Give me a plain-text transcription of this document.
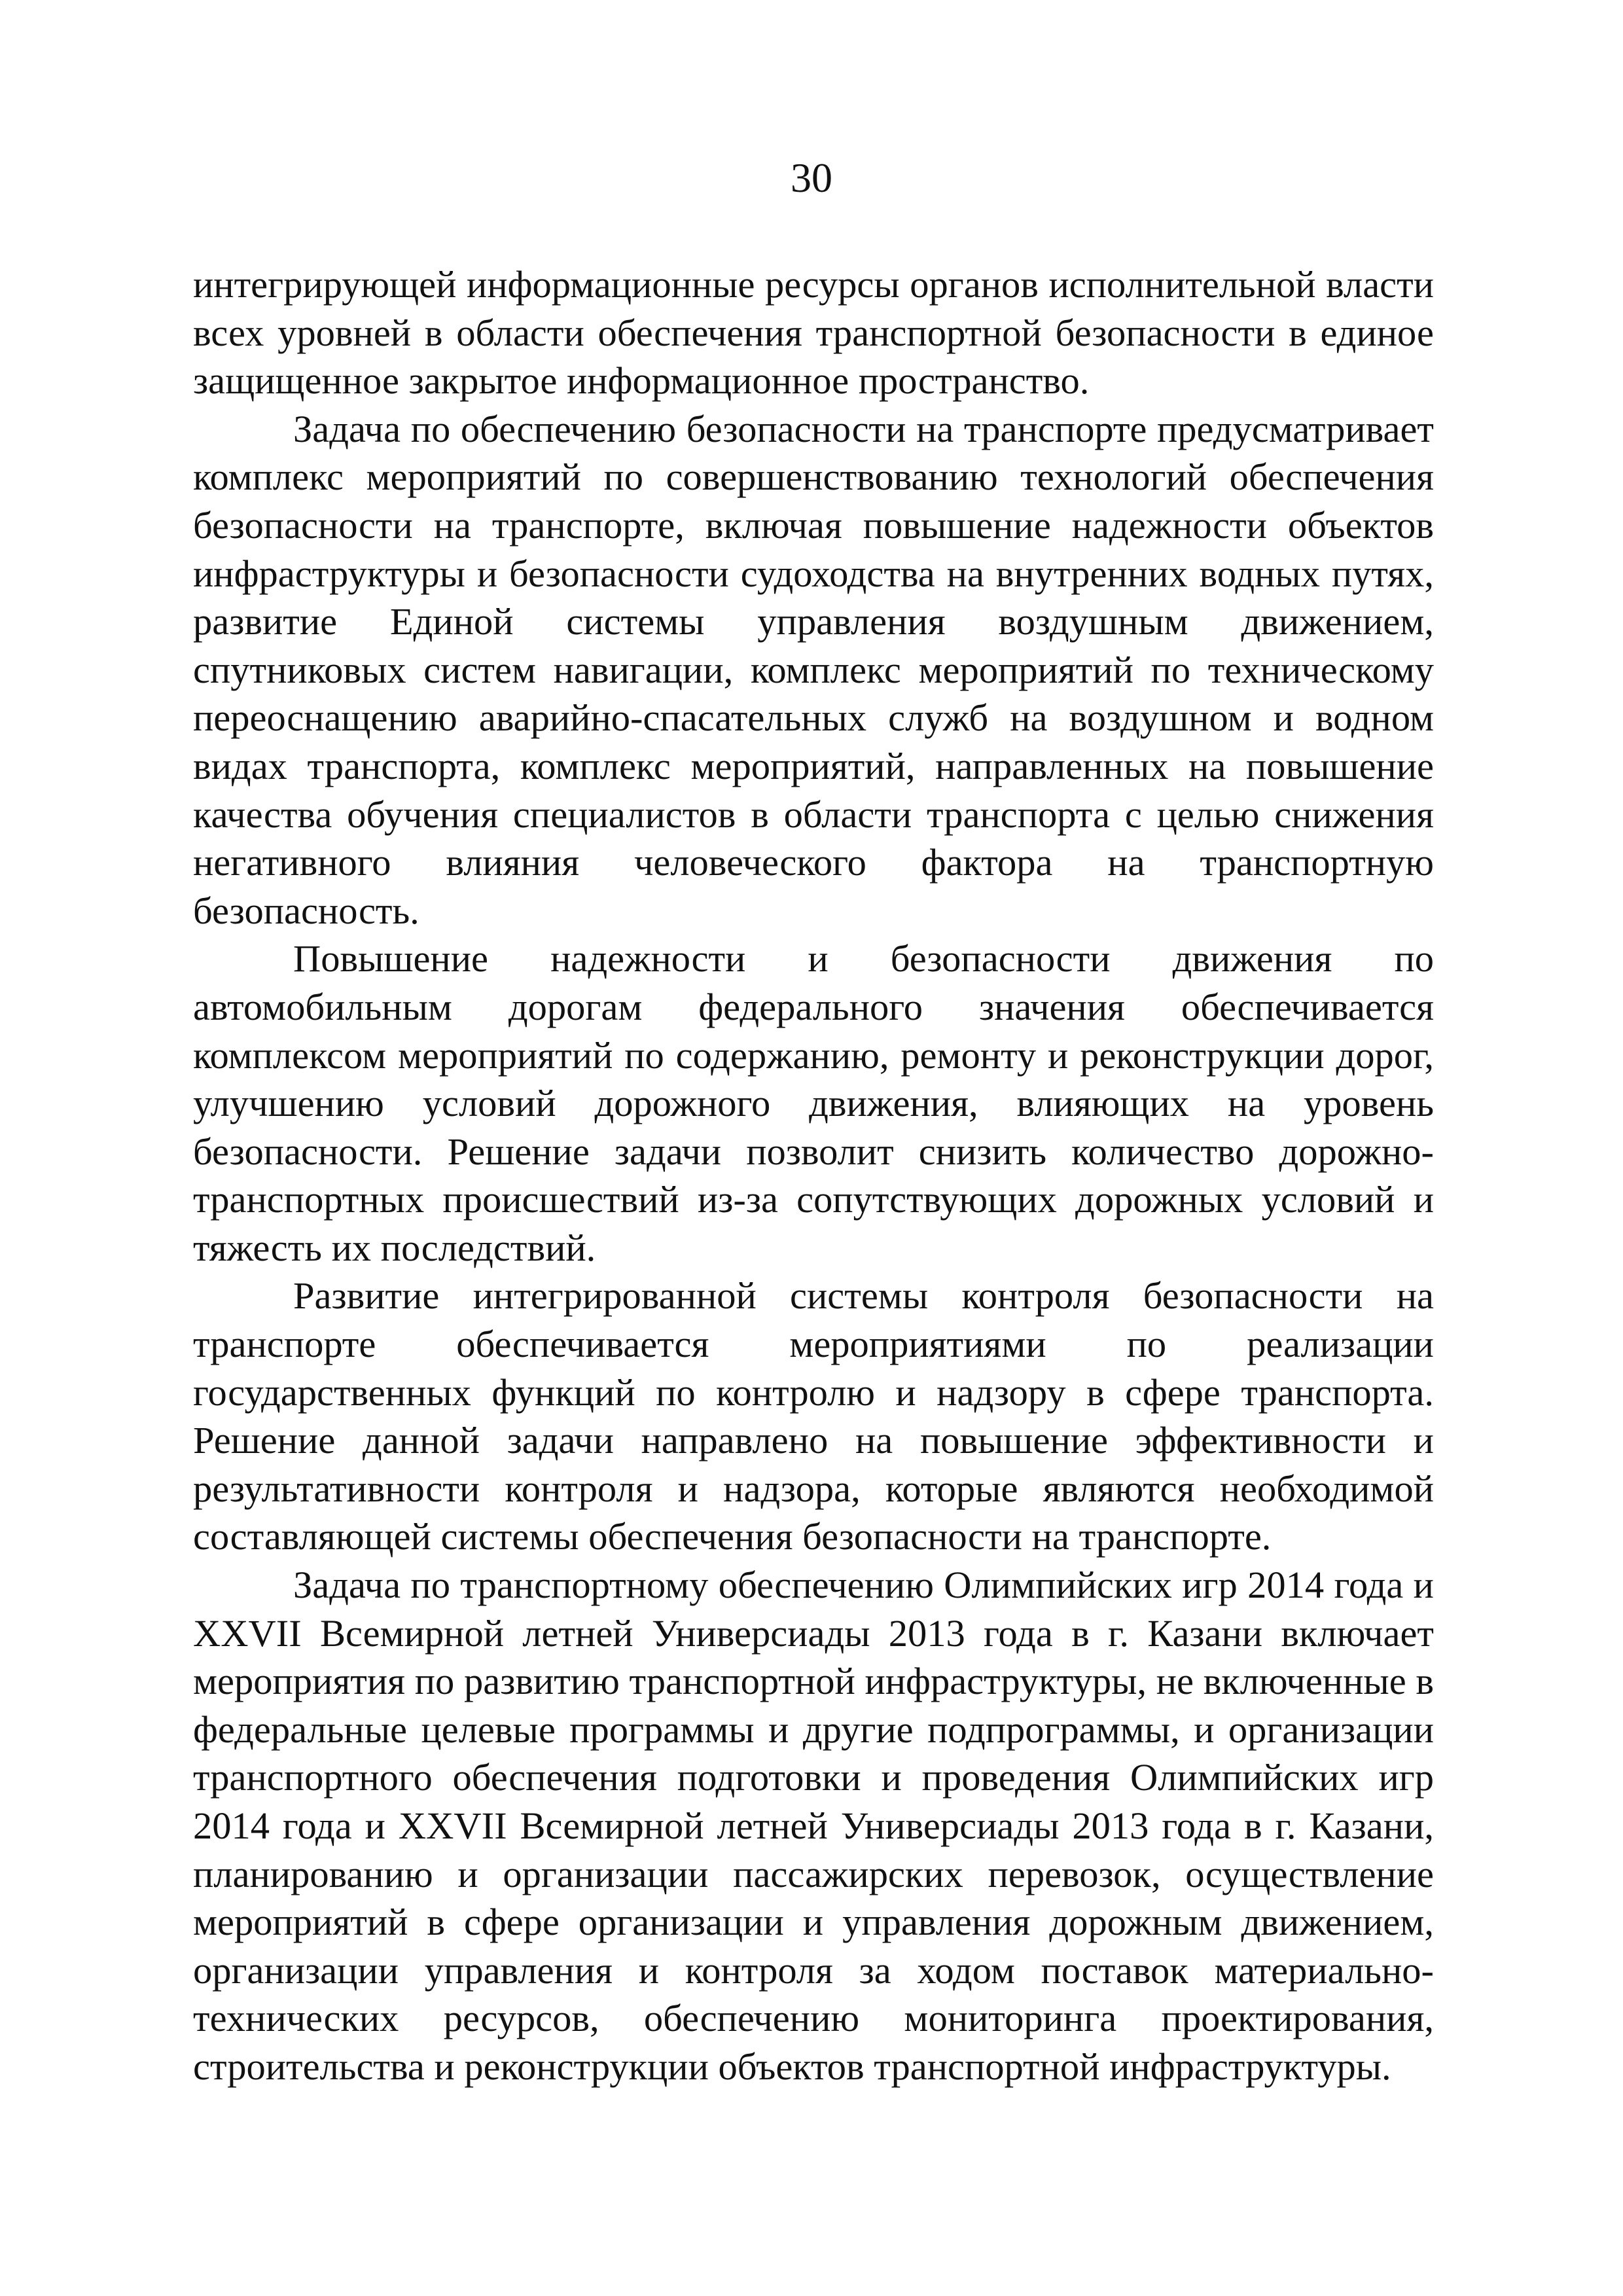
30

интегрирующей информационные ресурсы органов исполнительной власти всех уровней в области обеспечения транспортной безопасности в единое защищенное закрытое информационное пространство.

Задача по обеспечению безопасности на транспорте предусматривает комплекс мероприятий по совершенствованию технологий обеспечения безопасности на транспорте, включая повышение надежности объектов инфраструктуры и безопасности судоходства на внутренних водных путях, развитие Единой системы управления воздушным движением, спутниковых систем навигации, комплекс мероприятий по техническому переоснащению аварийно-спасательных служб на воздушном и водном видах транспорта, комплекс мероприятий, направленных на повышение качества обучения специалистов в области транспорта с целью снижения негативного влияния человеческого фактора на транспортную безопасность.

Повышение надежности и безопасности движения по автомобильным дорогам федерального значения обеспечивается комплексом мероприятий по содержанию, ремонту и реконструкции дорог, улучшению условий дорожного движения, влияющих на уровень безопасности. Решение задачи позволит снизить количество дорожно-транспортных происшествий из-за сопутствующих дорожных условий и тяжесть их последствий.

Развитие интегрированной системы контроля безопасности на транспорте обеспечивается мероприятиями по реализации государственных функций по контролю и надзору в сфере транспорта. Решение данной задачи направлено на повышение эффективности и результативности контроля и надзора, которые являются необходимой составляющей системы обеспечения безопасности на транспорте.

Задача по транспортному обеспечению Олимпийских игр 2014 года и XXVII Всемирной летней Универсиады 2013 года в г. Казани включает мероприятия по развитию транспортной инфраструктуры, не включенные в федеральные целевые программы и другие подпрограммы, и организации транспортного обеспечения подготовки и проведения Олимпийских игр 2014 года и XXVII Всемирной летней Универсиады 2013 года в г. Казани, планированию и организации пассажирских перевозок, осуществление мероприятий в сфере организации и управления дорожным движением, организации управления и контроля за ходом поставок материально-технических ресурсов, обеспечению мониторинга проектирования, строительства и реконструкции объектов транспортной инфраструктуры.
